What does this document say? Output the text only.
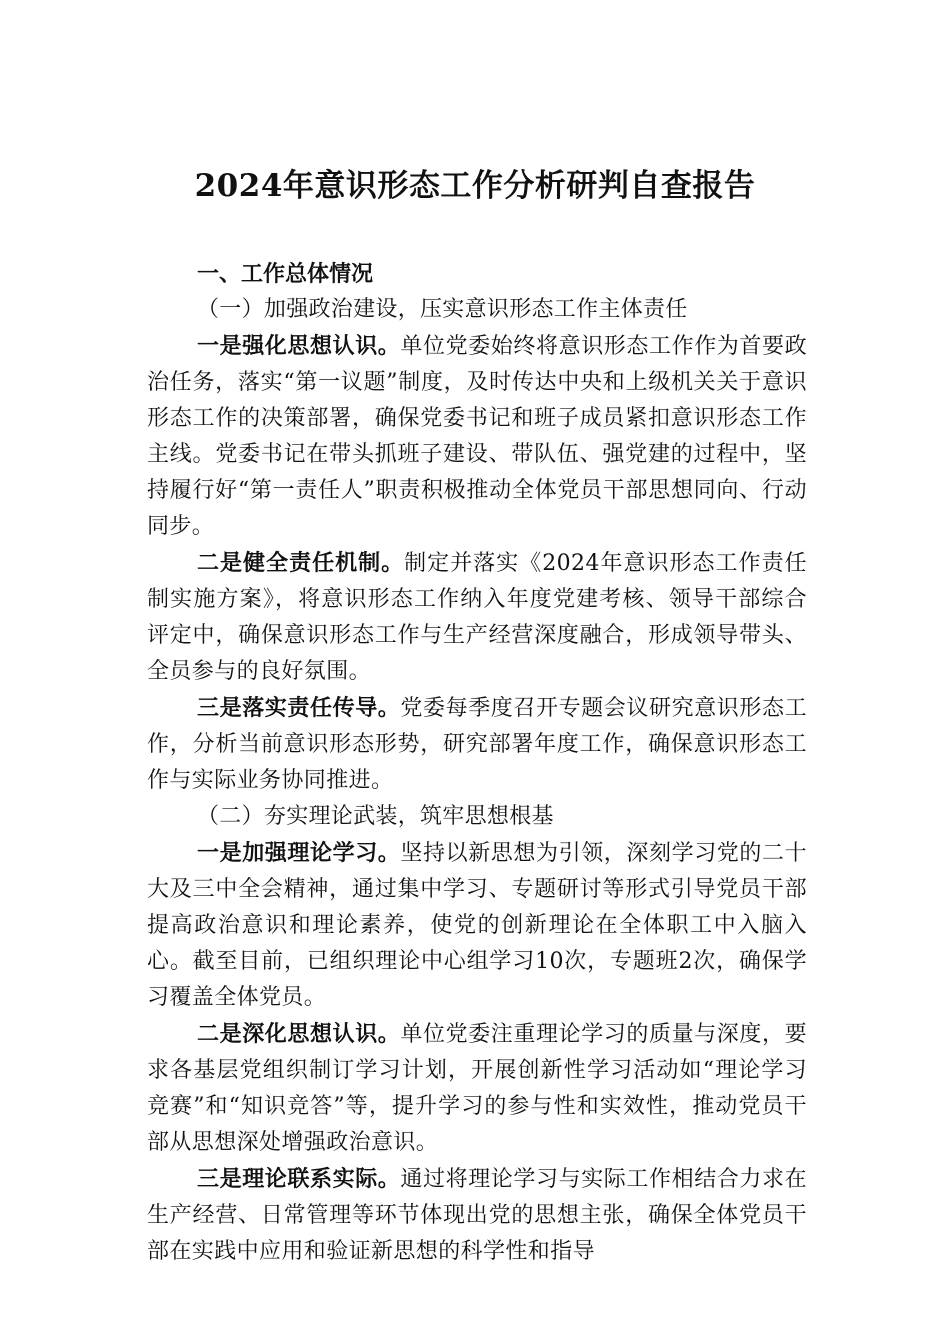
2024年意识形态工作分析研判自查报告

一、工作总体情况

（一）加强政治建设，压实意识形态工作主体责任

一是强化思想认识。单位党委始终将意识形态工作作为首要政治任务，落实“第一议题”制度，及时传达中央和上级机关关于意识形态工作的决策部署，确保党委书记和班子成员紧扣意识形态工作主线。党委书记在带头抓班子建设、带队伍、强党建的过程中，坚持履行好“第一责任人”职责积极推动全体党员干部思想同向、行动同步。

二是健全责任机制。制定并落实《2024年意识形态工作责任制实施方案》，将意识形态工作纳入年度党建考核、领导干部综合评定中，确保意识形态工作与生产经营深度融合，形成领导带头、全员参与的良好氛围。

三是落实责任传导。党委每季度召开专题会议研究意识形态工作，分析当前意识形态形势，研究部署年度工作，确保意识形态工作与实际业务协同推进。

（二）夯实理论武装，筑牢思想根基

一是加强理论学习。坚持以新思想为引领，深刻学习党的二十大及三中全会精神，通过集中学习、专题研讨等形式引导党员干部提高政治意识和理论素养，使党的创新理论在全体职工中入脑入心。截至目前，已组织理论中心组学习10次，专题班2次，确保学习覆盖全体党员。

二是深化思想认识。单位党委注重理论学习的质量与深度，要求各基层党组织制订学习计划，开展创新性学习活动如“理论学习竞赛”和“知识竞答”等，提升学习的参与性和实效性，推动党员干部从思想深处增强政治意识。

三是理论联系实际。通过将理论学习与实际工作相结合力求在生产经营、日常管理等环节体现出党的思想主张，确保全体党员干部在实践中应用和验证新思想的科学性和指导
